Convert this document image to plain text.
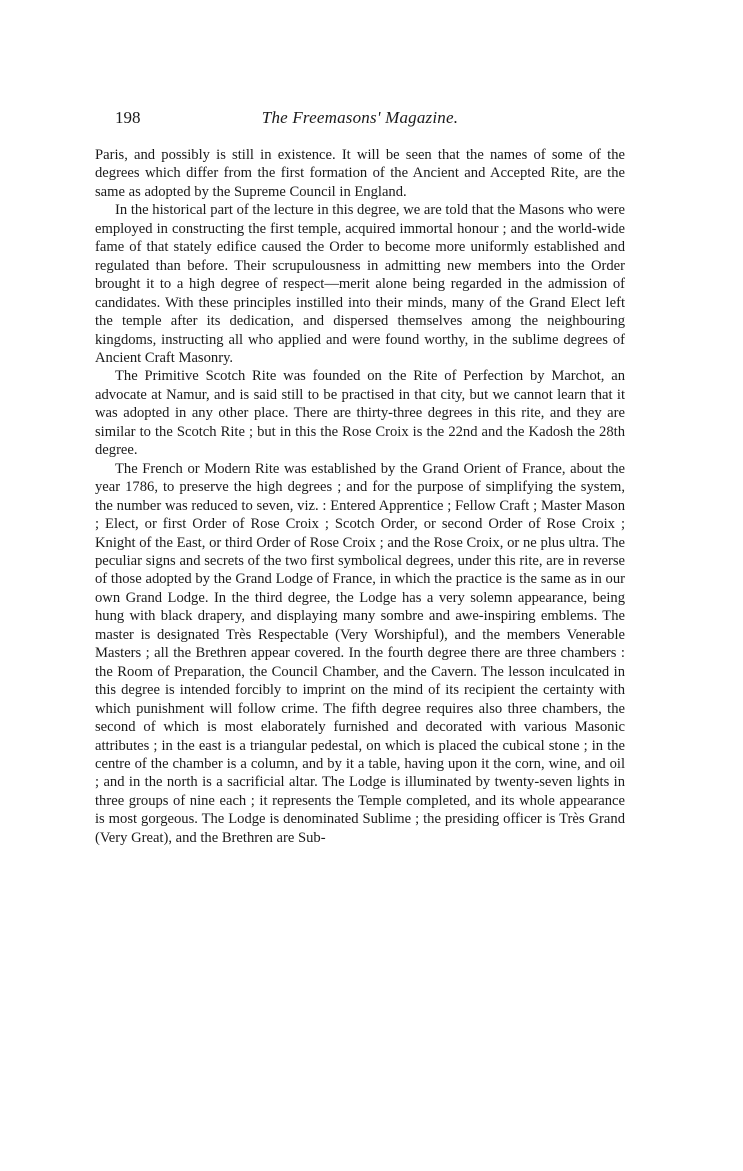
198	The Freemasons' Magazine.

Paris, and possibly is still in existence. It will be seen that the names of some of the degrees which differ from the first formation of the Ancient and Accepted Rite, are the same as adopted by the Supreme Council in England.

In the historical part of the lecture in this degree, we are told that the Masons who were employed in constructing the first temple, acquired immortal honour ; and the world-wide fame of that stately edifice caused the Order to become more uniformly established and regulated than before. Their scrupulousness in admitting new members into the Order brought it to a high degree of respect—merit alone being regarded in the admission of candidates. With these principles instilled into their minds, many of the Grand Elect left the temple after its dedication, and dispersed themselves among the neighbouring kingdoms, instructing all who applied and were found worthy, in the sublime degrees of Ancient Craft Masonry.

The Primitive Scotch Rite was founded on the Rite of Perfection by Marchot, an advocate at Namur, and is said still to be practised in that city, but we cannot learn that it was adopted in any other place. There are thirty-three degrees in this rite, and they are similar to the Scotch Rite ; but in this the Rose Croix is the 22nd and the Kadosh the 28th degree.

The French or Modern Rite was established by the Grand Orient of France, about the year 1786, to preserve the high degrees ; and for the purpose of simplifying the system, the number was reduced to seven, viz. : Entered Apprentice ; Fellow Craft ; Master Mason ; Elect, or first Order of Rose Croix ; Scotch Order, or second Order of Rose Croix ; Knight of the East, or third Order of Rose Croix ; and the Rose Croix, or ne plus ultra. The peculiar signs and secrets of the two first symbolical degrees, under this rite, are in reverse of those adopted by the Grand Lodge of France, in which the practice is the same as in our own Grand Lodge. In the third degree, the Lodge has a very solemn appearance, being hung with black drapery, and displaying many sombre and awe-inspiring emblems. The master is designated Très Respectable (Very Worshipful), and the members Venerable Masters ; all the Brethren appear covered. In the fourth degree there are three chambers : the Room of Preparation, the Council Chamber, and the Cavern. The lesson inculcated in this degree is intended forcibly to imprint on the mind of its recipient the certainty with which punishment will follow crime. The fifth degree requires also three chambers, the second of which is most elaborately furnished and decorated with various Masonic attributes ; in the east is a triangular pedestal, on which is placed the cubical stone ; in the centre of the chamber is a column, and by it a table, having upon it the corn, wine, and oil ; and in the north is a sacrificial altar. The Lodge is illuminated by twenty-seven lights in three groups of nine each ; it represents the Temple completed, and its whole appearance is most gorgeous. The Lodge is denominated Sublime ; the presiding officer is Très Grand (Very Great), and the Brethren are Sub-
